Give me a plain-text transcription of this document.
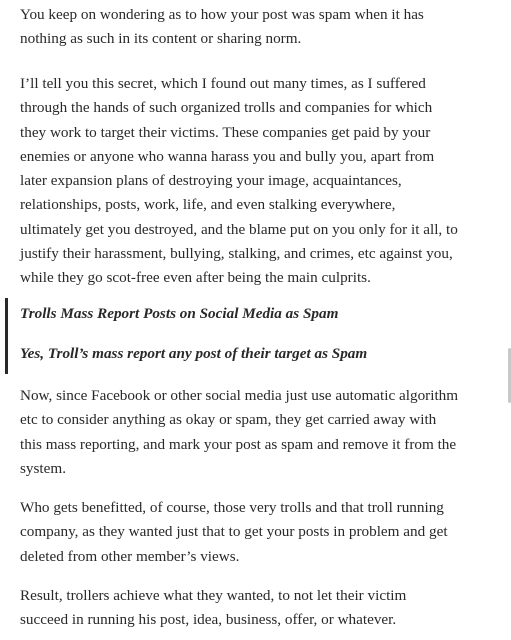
You keep on wondering as to how your post was spam when it has
nothing as such in its content or sharing norm.

I’ll tell you this secret, which I found out many times, as I suffered
through the hands of such organized trolls and companies for which
they work to target their victims. These companies get paid by your
enemies or anyone who wanna harass you and bully you, apart from
later expansion plans of destroying your image, acquaintances,
relationships, posts, work, life, and even stalking everywhere,
ultimately get you destroyed, and the blame put on you only for it all, to
justify their harassment, bullying, stalking, and crimes, etc against you,
while they go scot-free even after being the main culprits.

Trolls Mass Report Posts on Social Media as Spam

Yes, Troll’s mass report any post of their target as Spam

Now, since Facebook or other social media just use automatic algorithm
etc to consider anything as okay or spam, they get carried away with
this mass reporting, and mark your post as spam and remove it from the
system.

Who gets benefitted, of course, those very trolls and that troll running
company, as they wanted just that to get your posts in problem and get
deleted from other member’s views.

Result, trollers achieve what they wanted, to not let their victim
succeed in running his post, idea, business, offer, or whatever.
